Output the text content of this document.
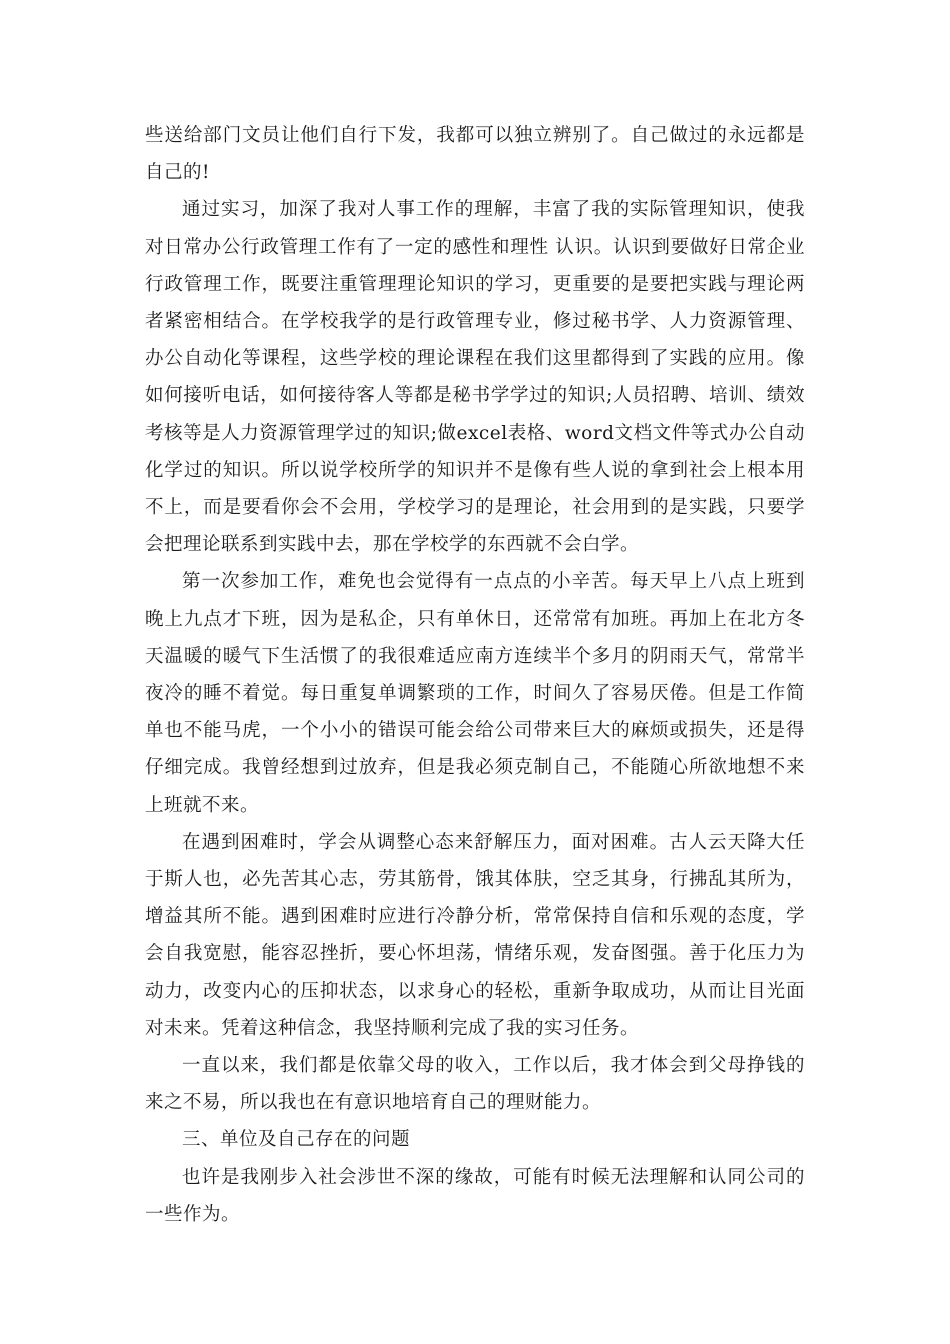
些送给部门文员让他们自行下发，我都可以独立辨别了。自己做过的永远都是自己的!

通过实习，加深了我对人事工作的理解，丰富了我的实际管理知识，使我对日常办公行政管理工作有了一定的感性和理性 认识。认识到要做好日常企业行政管理工作，既要注重管理理论知识的学习，更重要的是要把实践与理论两者紧密相结合。在学校我学的是行政管理专业，修过秘书学、人力资源管理、办公自动化等课程，这些学校的理论课程在我们这里都得到了实践的应用。像如何接听电话，如何接待客人等都是秘书学学过的知识;人员招聘、培训、绩效考核等是人力资源管理学过的知识;做excel表格、word文档文件等式办公自动化学过的知识。所以说学校所学的知识并不是像有些人说的拿到社会上根本用不上，而是要看你会不会用，学校学习的是理论，社会用到的是实践，只要学会把理论联系到实践中去，那在学校学的东西就不会白学。

第一次参加工作，难免也会觉得有一点点的小辛苦。每天早上八点上班到晚上九点才下班，因为是私企，只有单休日，还常常有加班。再加上在北方冬天温暖的暖气下生活惯了的我很难适应南方连续半个多月的阴雨天气，常常半夜冷的睡不着觉。每日重复单调繁琐的工作，时间久了容易厌倦。但是工作简单也不能马虎，一个小小的错误可能会给公司带来巨大的麻烦或损失，还是得仔细完成。我曾经想到过放弃，但是我必须克制自己，不能随心所欲地想不来上班就不来。

在遇到困难时，学会从调整心态来舒解压力，面对困难。古人云天降大任于斯人也，必先苦其心志，劳其筋骨，饿其体肤，空乏其身，行拂乱其所为，增益其所不能。遇到困难时应进行冷静分析，常常保持自信和乐观的态度，学会自我宽慰，能容忍挫折，要心怀坦荡，情绪乐观，发奋图强。善于化压力为动力，改变内心的压抑状态，以求身心的轻松，重新争取成功，从而让目光面对未来。凭着这种信念，我坚持顺利完成了我的实习任务。

一直以来，我们都是依靠父母的收入，工作以后，我才体会到父母挣钱的来之不易，所以我也在有意识地培育自己的理财能力。

三、单位及自己存在的问题

也许是我刚步入社会涉世不深的缘故，可能有时候无法理解和认同公司的一些作为。
